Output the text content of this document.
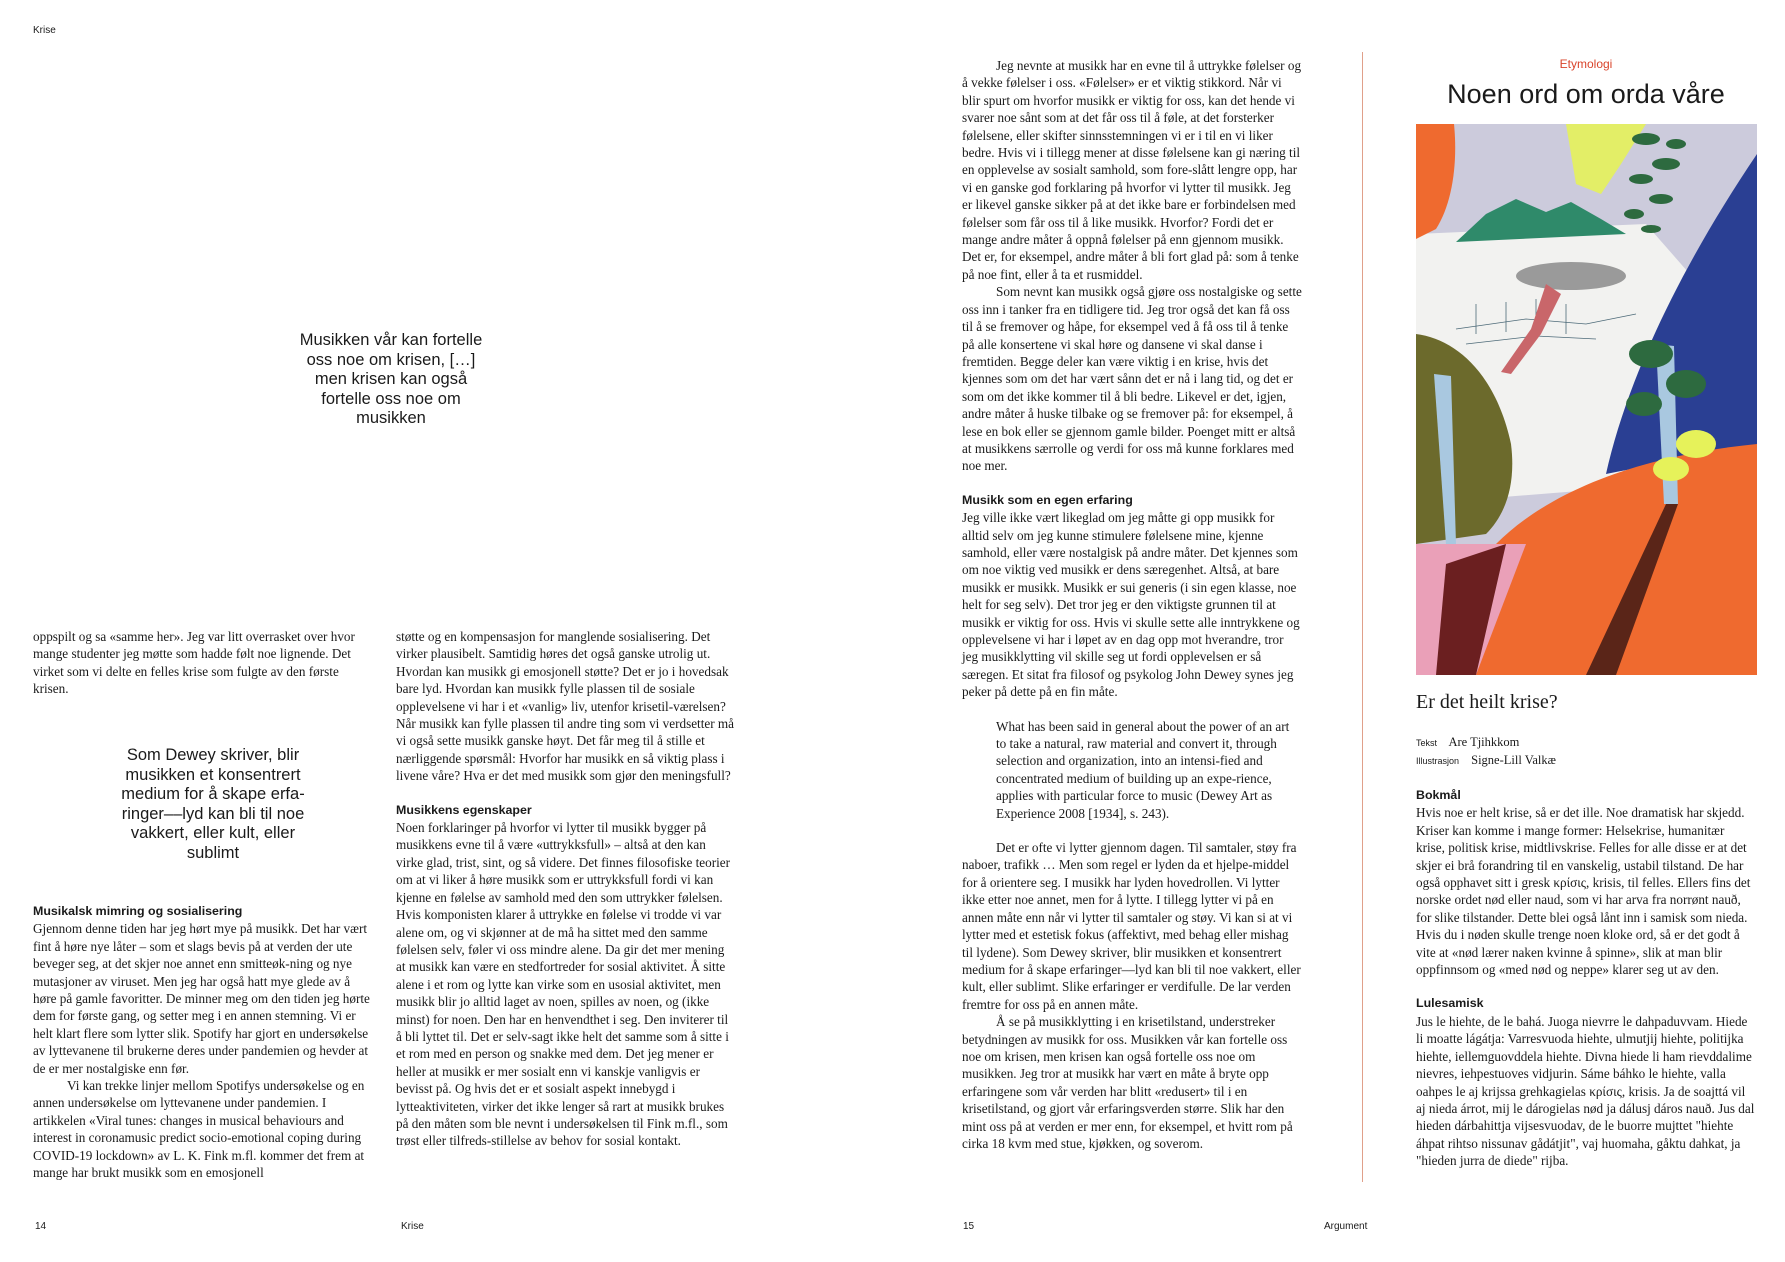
Krise
Musikken vår kan fortelle oss noe om krisen, […] men krisen kan også fortelle oss noe om musikken
Som Dewey skriver, blir musikken et konsentrert medium for å skape erfa-ringer––lyd kan bli til noe vakkert, eller kult, eller sublimt

oppspilt og sa «samme her». Jeg var litt overrasket over hvor mange studenter jeg møtte som hadde følt noe lignende. Det virket som vi delte en felles krise som fulgte av den første krisen.

Musikalsk mimring og sosialisering

Gjennom denne tiden har jeg hørt mye på musikk. Det har vært fint å høre nye låter – som et slags bevis på at verden der ute beveger seg, at det skjer noe annet enn smitteøk-ning og nye mutasjoner av viruset. Men jeg har også hatt mye glede av å høre på gamle favoritter. De minner meg om den tiden jeg hørte dem for første gang, og setter meg i en annen stemning. Vi er helt klart flere som lytter slik. Spotify har gjort en undersøkelse av lyttevanene til brukerne deres under pandemien og hevder at de er mer nostalgiske enn før.

Vi kan trekke linjer mellom Spotifys undersøkelse og en annen undersøkelse om lyttevanene under pandemien. I artikkelen «Viral tunes: changes in musical behaviours and interest in coronamusic predict socio-emotional coping during COVID-19 lockdown» av L. K. Fink m.fl. kommer det frem at mange har brukt musikk som en emosjonell

støtte og en kompensasjon for manglende sosialisering. Det virker plausibelt. Samtidig høres det også ganske utrolig ut. Hvordan kan musikk gi emosjonell støtte? Det er jo i hovedsak bare lyd. Hvordan kan musikk fylle plassen til de sosiale opplevelsene vi har i et «vanlig» liv, utenfor krisetil-værelsen? Når musikk kan fylle plassen til andre ting som vi verdsetter må vi også sette musikk ganske høyt. Det får meg til å stille et nærliggende spørsmål: Hvorfor har musikk en så viktig plass i livene våre? Hva er det med musikk som gjør den meningsfull?

Musikkens egenskaper

Noen forklaringer på hvorfor vi lytter til musikk bygger på musikkens evne til å være «uttrykksfull» – altså at den kan virke glad, trist, sint, og så videre. Det finnes filosofiske teorier om at vi liker å høre musikk som er uttrykksfull fordi vi kan kjenne en følelse av samhold med den som uttrykker følelsen. Hvis komponisten klarer å uttrykke en følelse vi trodde vi var alene om, og vi skjønner at de må ha sittet med den samme følelsen selv, føler vi oss mindre alene. Da gir det mer mening at musikk kan være en stedfortreder for sosial aktivitet. Å sitte alene i et rom og lytte kan virke som en usosial aktivitet, men musikk blir jo alltid laget av noen, spilles av noen, og (ikke minst) for noen. Den har en henvendthet i seg. Den inviterer til å bli lyttet til. Det er selv-sagt ikke helt det samme som å sitte i et rom med en person og snakke med dem. Det jeg mener er heller at musikk er mer sosialt enn vi kanskje vanligvis er bevisst på. Og hvis det er et sosialt aspekt innebygd i lytteaktiviteten, virker det ikke lenger så rart at musikk brukes på den måten som ble nevnt i undersøkelsen til Fink m.fl., som trøst eller tilfreds-stillelse av behov for sosial kontakt.

14	Krise

Jeg nevnte at musikk har en evne til å uttrykke følelser og å vekke følelser i oss. «Følelser» er et viktig stikkord. Når vi blir spurt om hvorfor musikk er viktig for oss, kan det hende vi svarer noe sånt som at det får oss til å føle, at det forsterker følelsene, eller skifter sinnsstemningen vi er i til en vi liker bedre. Hvis vi i tillegg mener at disse følelsene kan gi næring til en opplevelse av sosialt samhold, som fore-slått lengre opp, har vi en ganske god forklaring på hvorfor vi lytter til musikk. Jeg er likevel ganske sikker på at det ikke bare er forbindelsen med følelser som får oss til å like musikk. Hvorfor? Fordi det er mange andre måter å oppnå følelser på enn gjennom musikk. Det er, for eksempel, andre måter å bli fort glad på: som å tenke på noe fint, eller å ta et rusmiddel.

Som nevnt kan musikk også gjøre oss nostalgiske og sette oss inn i tanker fra en tidligere tid. Jeg tror også det kan få oss til å se fremover og håpe, for eksempel ved å få oss til å tenke på alle konsertene vi skal høre og dansene vi skal danse i fremtiden. Begge deler kan være viktig i en krise, hvis det kjennes som om det har vært sånn det er nå i lang tid, og det er som om det ikke kommer til å bli bedre. Likevel er det, igjen, andre måter å huske tilbake og se fremover på: for eksempel, å lese en bok eller se gjennom gamle bilder. Poenget mitt er altså at musikkens særrolle og verdi for oss må kunne forklares med noe mer.

Musikk som en egen erfaring

Jeg ville ikke vært likeglad om jeg måtte gi opp musikk for alltid selv om jeg kunne stimulere følelsene mine, kjenne samhold, eller være nostalgisk på andre måter. Det kjennes som om noe viktig ved musikk er dens særegenhet. Altså, at bare musikk er musikk. Musikk er sui generis (i sin egen klasse, noe helt for seg selv). Det tror jeg er den viktigste grunnen til at musikk er viktig for oss. Hvis vi skulle sette alle inntrykkene og opplevelsene vi har i løpet av en dag opp mot hverandre, tror jeg musikklytting vil skille seg ut fordi opplevelsen er så særegen. Et sitat fra filosof og psykolog John Dewey synes jeg peker på dette på en fin måte.

What has been said in general about the power of an art to take a natural, raw material and convert it, through selection and organization, into an intensi-fied and concentrated medium of building up an expe-rience, applies with particular force to music (Dewey Art as Experience 2008 [1934], s. 243).

Det er ofte vi lytter gjennom dagen. Til samtaler, støy fra naboer, trafikk … Men som regel er lyden da et hjelpe-middel for å orientere seg. I musikk har lyden hovedrollen. Vi lytter ikke etter noe annet, men for å lytte. I tillegg lytter vi på en annen måte enn når vi lytter til samtaler og støy. Vi kan si at vi lytter med et estetisk fokus (affektivt, med behag eller mishag til lydene). Som Dewey skriver, blir musikken et konsentrert medium for å skape erfaringer––lyd kan bli til noe vakkert, eller kult, eller sublimt. Slike erfaringer er verdifulle. De lar verden fremtre for oss på en annen måte.

Å se på musikklytting i en krisetilstand, understreker betydningen av musikk for oss. Musikken vår kan fortelle oss noe om krisen, men krisen kan også fortelle oss noe om musikken. Jeg tror at musikk har vært en måte å bryte opp erfaringene som vår verden har blitt «redusert» til i en krisetilstand, og gjort vår erfaringsverden større. Slik har den mint oss på at verden er mer enn, for eksempel, et hvitt rom på cirka 18 kvm med stue, kjøkken, og soverom.

Etymologi
Noen ord om orda våre
Er det heilt krise?
Tekst Are Tjihkkom
Illustrasjon Signe-Lill Valkæ
Bokmål

Hvis noe er helt krise, så er det ille. Noe dramatisk har skjedd. Kriser kan komme i mange former: Helsekrise, humanitær krise, politisk krise, midtlivskrise. Felles for alle disse er at det skjer ei brå forandring til en vanskelig, ustabil tilstand. De har også opphavet sitt i gresk κρίσις, krisis, til felles. Ellers fins det norske ordet nød eller naud, som vi har arva fra norrønt nauð, for slike tilstander. Dette blei også lånt inn i samisk som nieda. Hvis du i nøden skulle trenge noen kloke ord, så er det godt å vite at «nød lærer naken kvinne å spinne», slik at man blir oppfinnsom og «med nød og neppe» klarer seg ut av den.

Lulesamisk

Jus le hiehte, de le bahá. Juoga nievrre le dahpaduvvam. Hiede li moatte lágátja: Varresvuoda hiehte, ulmutjij hiehte, politijka hiehte, iellemguovddela hiehte. Divna hiede li ham rievddalime nievres, iehpestuoves vidjurin. Sáme báhko le hiehte, valla oahpes le aj krijssa grehkagielas κρίσις, krisis. Ja de soajttá vil aj nieda árrot, mij le dárogielas nød ja dálusj dáros nauð. Jus dal hieden dárbahittja vijsesvuodav, de le buorre mujttet "hiehte áhpat rihtso nissunav gådátjit", vaj huomaha, gåktu dahkat, ja "hieden jurra de diede" rijba.

15	Argument
